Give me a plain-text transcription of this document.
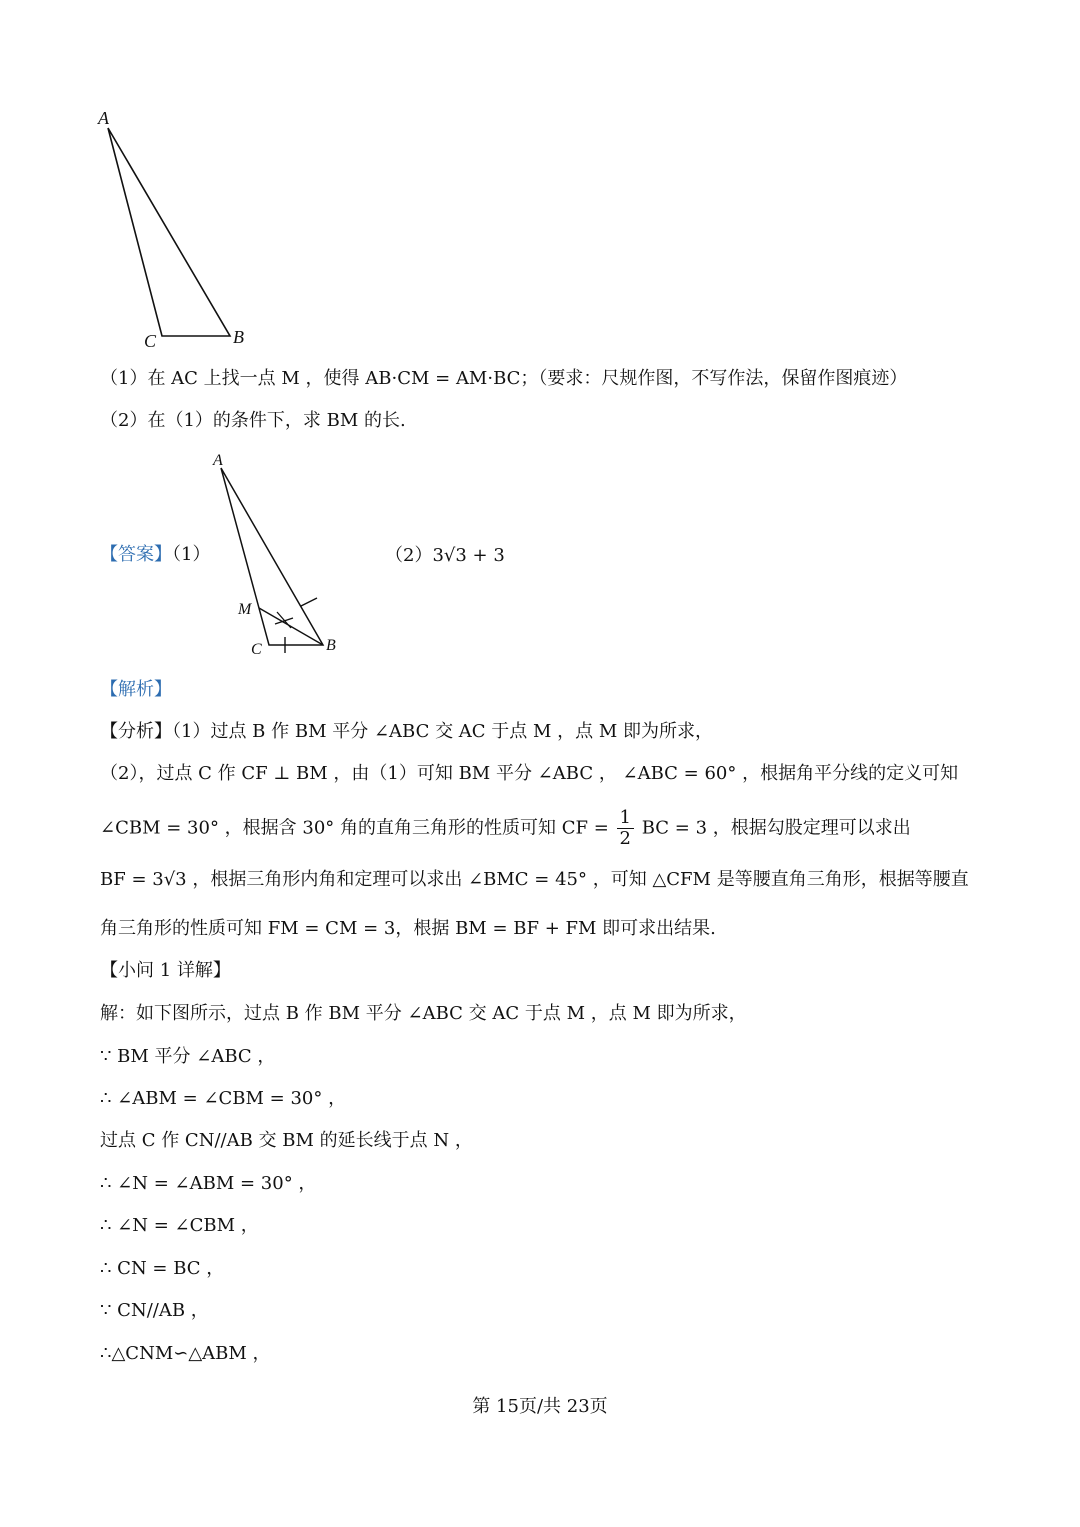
A
C	B
（1）在 AC 上找一点 M ，使得 AB·CM = AM·BC；（要求：尺规作图，不写作法，保留作图痕迹）
（2）在（1）的条件下，求 BM 的长.
【答案】（1）
A
M
C	B
（2）3√3 + 3
【解析】
【分析】（1）过点 B 作 BM 平分 ∠ABC 交 AC 于点 M ，点 M 即为所求，
（2），过点 C 作 CF ⊥ BM ，由（1）可知 BM 平分 ∠ABC ， ∠ABC = 60° ，根据角平分线的定义可知
∠CBM = 30° ，根据含 30° 角的直角三角形的性质可知 CF = $\frac{1}{2}$ BC = 3 ，根据勾股定理可以求出
BF = 3√3 ，根据三角形内角和定理可以求出 ∠BMC = 45° ，可知 △CFM 是等腰直角三角形，根据等腰直
角三角形的性质可知 FM = CM = 3，根据 BM = BF + FM 即可求出结果.
【小问 1 详解】
解：如下图所示，过点 B 作 BM 平分 ∠ABC 交 AC 于点 M ，点 M 即为所求，
∵ BM 平分 ∠ABC ，
∴ ∠ABM = ∠CBM = 30° ，
过点 C 作 CN//AB 交 BM 的延长线于点 N ，
∴ ∠N = ∠ABM = 30° ，
∴ ∠N = ∠CBM ，
∴ CN = BC ，
∵ CN//AB ，
∴△CNM∽△ABM ，
第 15页/共 23页
